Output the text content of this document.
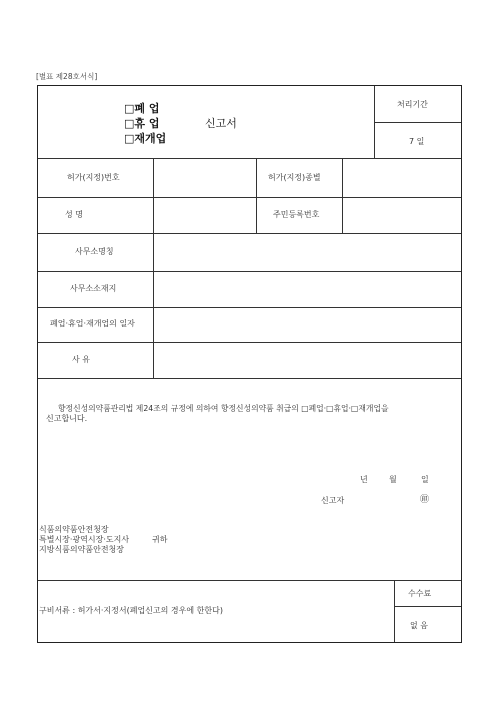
[별표 제28호서식]
□폐 업
□휴 업
□재개업
신고서
처리기간
7 일
허가(지정)번호	허가(지정)종별
성 명	주민등록번호
사무소명칭
사무소소재지
폐업·휴업·재개업의 일자
사 유
향정신성의약품관리법 제24조의 규정에 의하여 향정신성의약품 취급의 □폐업·□휴업·□재개업을
신고합니다.
년	월	일
신고자	㊞
식품의약품안전청장
특별시장·광역시장·도지사	귀하
지방식품의약품안전청장
구비서류 : 허가서·지정서(폐업신고의 경우에 한한다)
수수료
없 음
